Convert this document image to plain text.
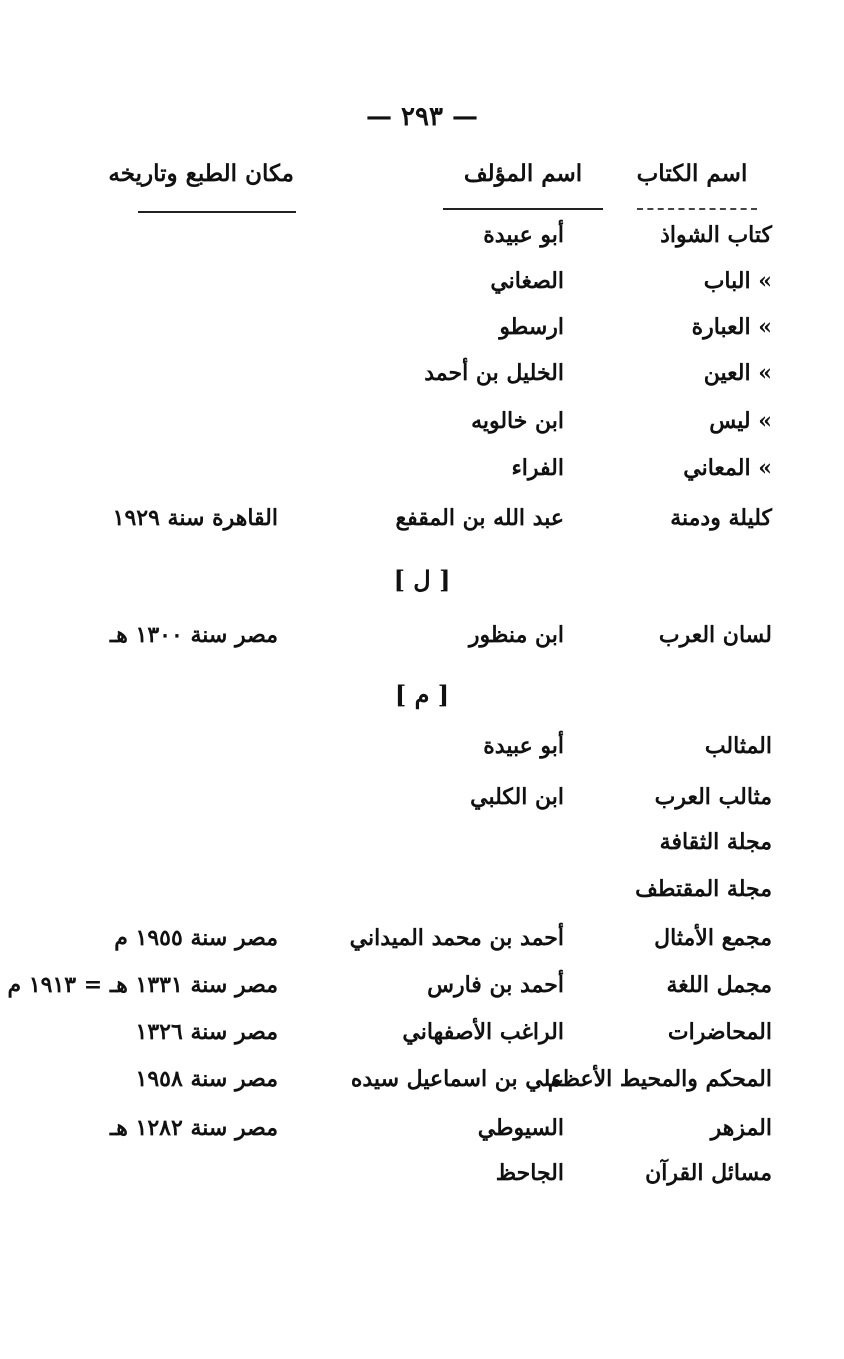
— ٢٩٣ —
اسم الكتاب
اسم المؤلف
مكان الطبع وتاريخه
كتاب الشواذ
أبو عبيدة
» الباب
الصغاني
» العبارة
ارسطو
» العين
الخليل بن أحمد
» ليس
ابن خالويه
» المعاني
الفراء
كليلة ودمنة
عبد الله بن المقفع
القاهرة سنة ١٩٢٩
[ ل ]
لسان العرب
ابن منظور
مصر سنة ١٣٠٠ هـ
[ م ]
المثالب
أبو عبيدة
مثالب العرب
ابن الكلبي
مجلة الثقافة
مجلة المقتطف
مجمع الأمثال
أحمد بن محمد الميداني
مصر سنة ١٩٥٥ م
مجمل اللغة
أحمد بن فارس
مصر سنة ١٣٣١ هـ = ١٩١٣ م
المحاضرات
الراغب الأصفهاني
مصر سنة ١٣٢٦
المحكم والمحيط الأعظم
علي بن اسماعيل سيده
مصر سنة ١٩٥٨
المزهر
السيوطي
مصر سنة ١٢٨٢ هـ
مسائل القرآن
الجاحظ
